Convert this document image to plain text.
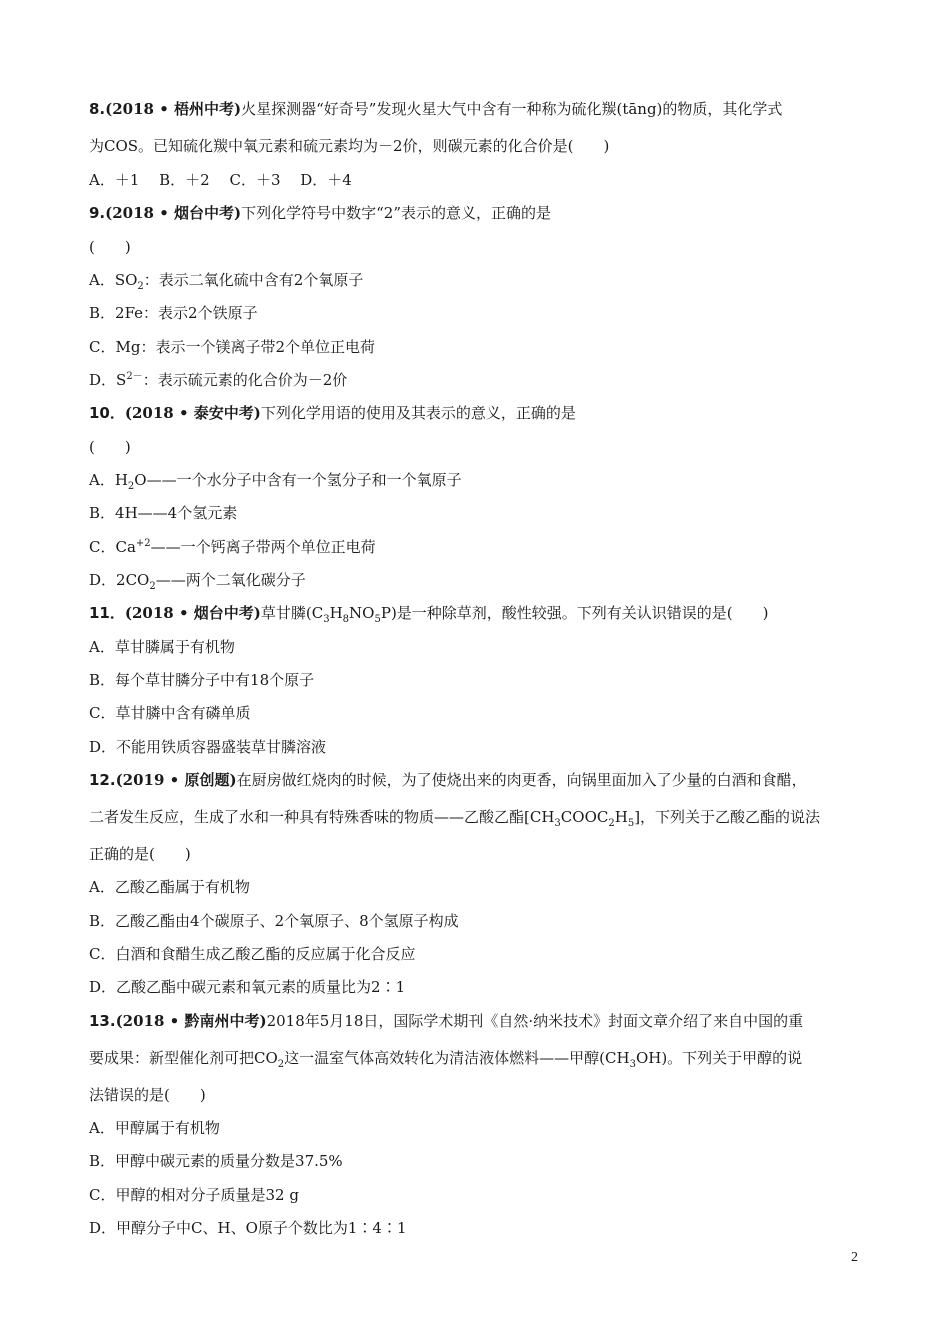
8.(2018 • 梧州中考)火星探测器“好奇号”发现火星大气中含有一种称为硫化羰(tāng)的物质，其化学式
为COS。已知硫化羰中氧元素和硫元素均为－2价，则碳元素的化合价是(　　)
A．＋1　 B．＋2　 C．＋3　 D．＋4
9.(2018 • 烟台中考)下列化学符号中数字“2”表示的意义，正确的是
(　　)
A．$SO_2$：表示二氧化硫中含有2个氧原子
B．2Fe：表示2个铁原子
C．Mg：表示一个镁离子带2个单位正电荷
D．$S^{2-}$：表示硫元素的化合价为－2价
10．(2018 • 泰安中考)下列化学用语的使用及其表示的意义，正确的是
(　　)
A．$H_2O——$一个水分子中含有一个氢分子和一个氧原子
B．4H——4个氢元素
C．$Ca^{+2}——$一个钙离子带两个单位正电荷
D．$2CO_2——$两个二氧化碳分子
11．(2018 • 烟台中考)草甘膦$(C_3H_8NO_5P)$是一种除草剂，酸性较强。下列有关认识错误的是(　　)
A．草甘膦属于有机物
B．每个草甘膦分子中有18个原子
C．草甘膦中含有磷单质
D．不能用铁质容器盛装草甘膦溶液
12.(2019 • 原创题)在厨房做红烧肉的时候，为了使烧出来的肉更香，向锅里面加入了少量的白酒和食醋，
二者发生反应，生成了水和一种具有特殊香味的物质——乙酸乙酯$[CH_3COOC_2H_5]$，下列关于乙酸乙酯的说法
正确的是(　　)
A．乙酸乙酯属于有机物
B．乙酸乙酯由4个碳原子、2个氧原子、8个氢原子构成
C．白酒和食醋生成乙酸乙酯的反应属于化合反应
D．乙酸乙酯中碳元素和氧元素的质量比为2∶1
13.(2018 • 黔南州中考)2018年5月18日，国际学术期刊《自然·纳米技术》封面文章介绍了来自中国的重
要成果：新型催化剂可把$CO_2$这一温室气体高效转化为清洁液体燃料——甲醇$(CH_3OH)$。下列关于甲醇的说
法错误的是(　　)
A．甲醇属于有机物
B．甲醇中碳元素的质量分数是37.5%
C．甲醇的相对分子质量是32 g
D．甲醇分子中C、H、O原子个数比为1∶4∶1
2
